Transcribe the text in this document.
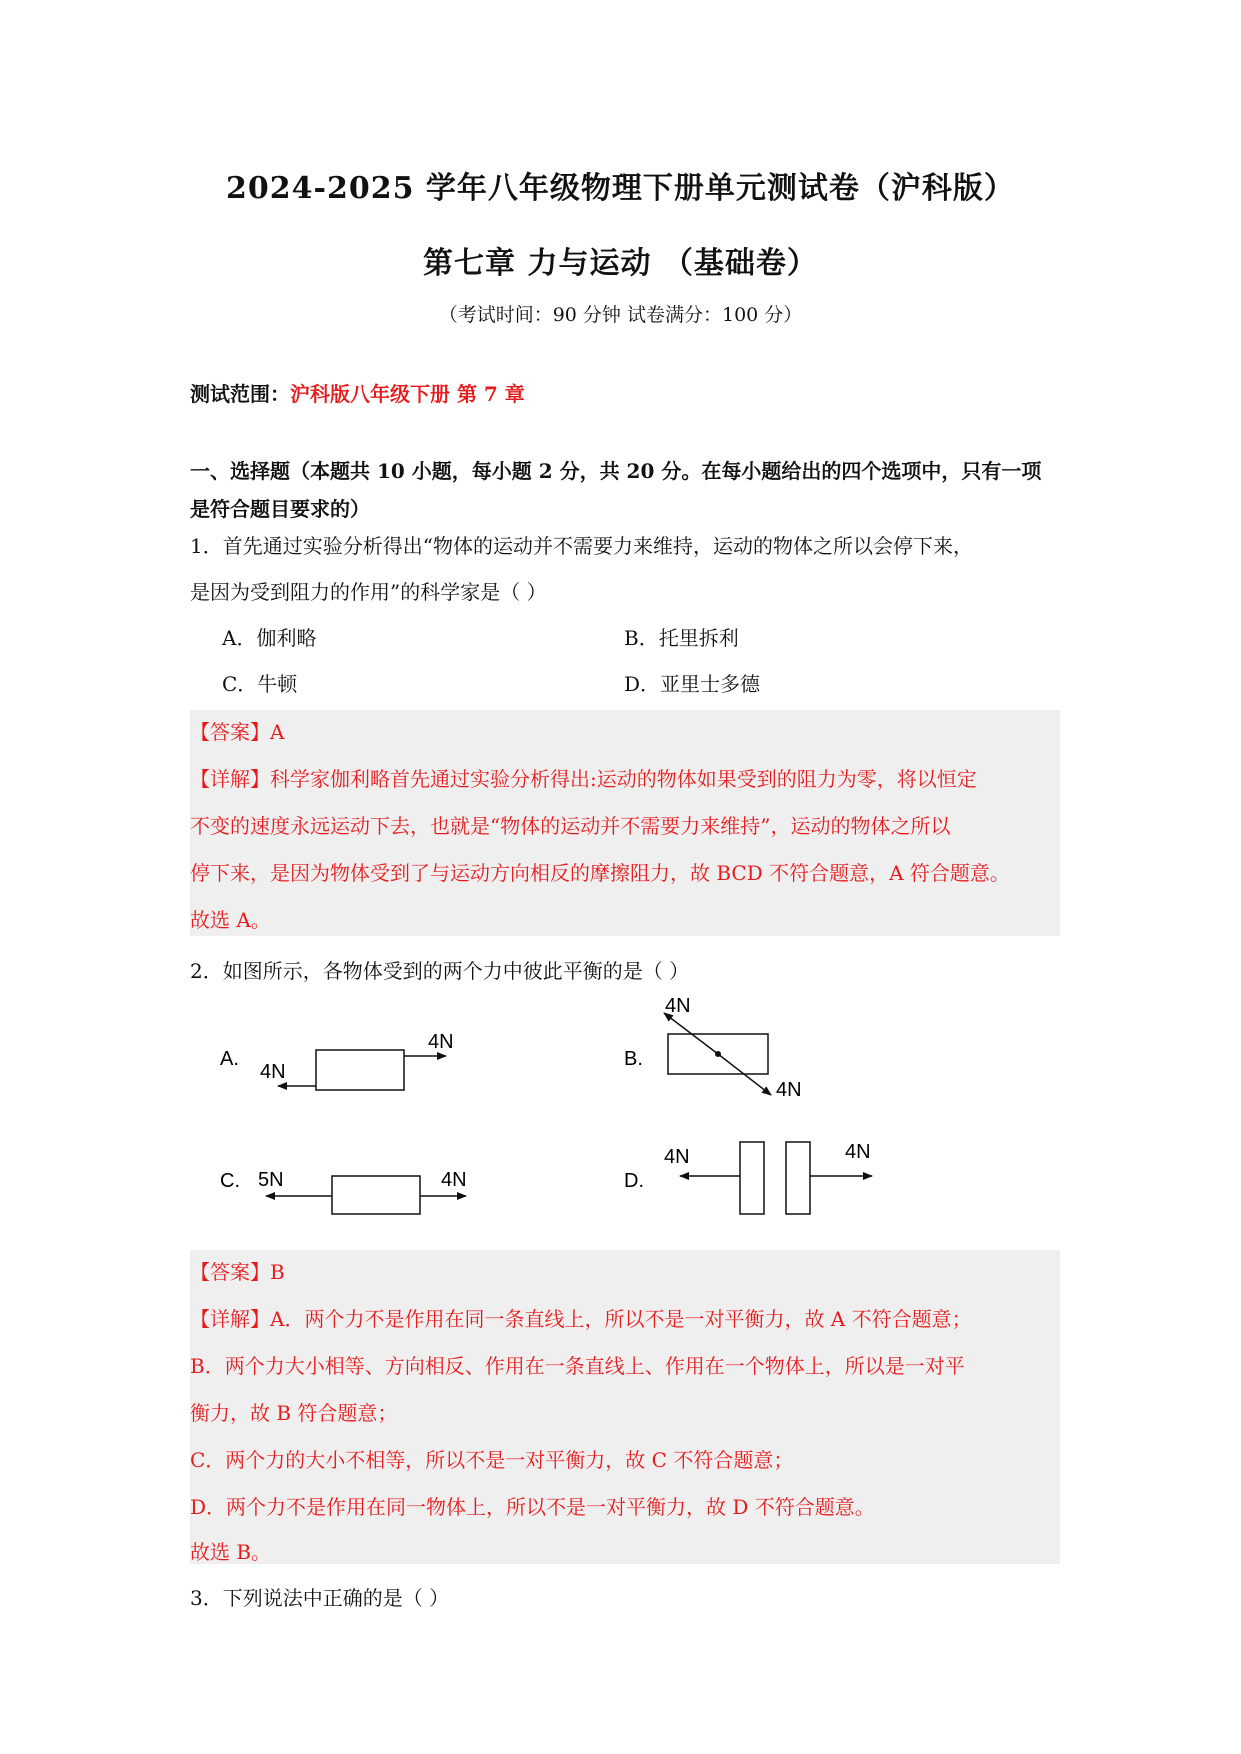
2024-2025 学年八年级物理下册单元测试卷（沪科版）
第七章 力与运动 （基础卷）
（考试时间：90 分钟 试卷满分：100 分）
测试范围：沪科版八年级下册 第 7 章
一、选择题（本题共 10 小题，每小题 2 分，共 20 分。在每小题给出的四个选项中，只有一项是符合题目要求的）
1．首先通过实验分析得出“物体的运动并不需要力来维持，运动的物体之所以会停下来，
是因为受到阻力的作用”的科学家是（ ）
A．伽利略	B．托里拆利
C．牛顿	D．亚里士多德
【答案】A
【详解】科学家伽利略首先通过实验分析得出:运动的物体如果受到的阻力为零，将以恒定
不变的速度永远运动下去，也就是“物体的运动并不需要力来维持”，运动的物体之所以
停下来，是因为物体受到了与运动方向相反的摩擦阻力，故 BCD 不符合题意，A 符合题意。
故选 A。
2．如图所示，各物体受到的两个力中彼此平衡的是（ ）
A.
4N
4N
B.
4N
4N
C. 5N	4N	D.
4N	4N
【答案】B
【详解】A．两个力不是作用在同一条直线上，所以不是一对平衡力，故 A 不符合题意；
B．两个力大小相等、方向相反、作用在一条直线上、作用在一个物体上，所以是一对平
衡力，故 B 符合题意；
C．两个力的大小不相等，所以不是一对平衡力，故 C 不符合题意；
D．两个力不是作用在同一物体上，所以不是一对平衡力，故 D 不符合题意。
故选 B。
3．下列说法中正确的是（ ）
